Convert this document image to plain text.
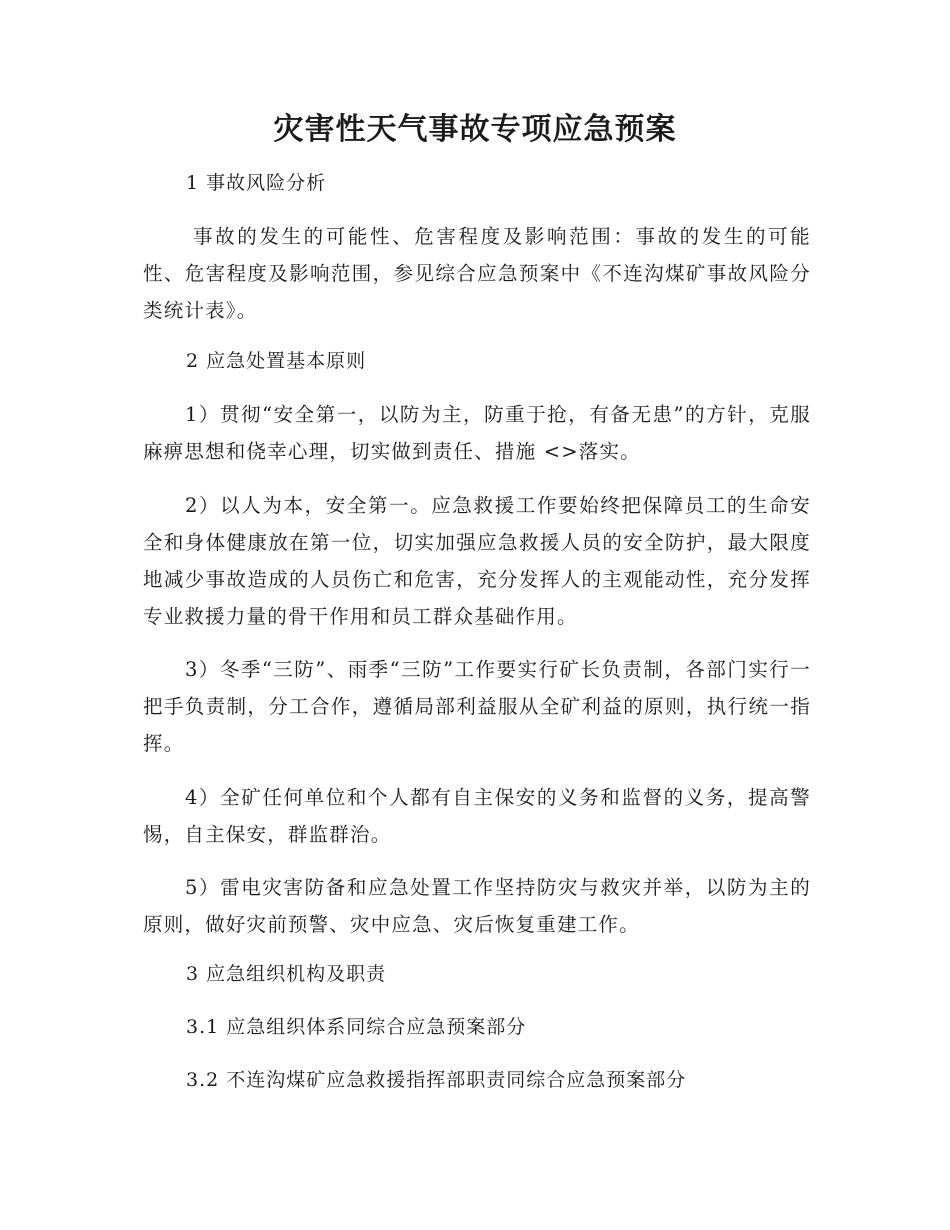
灾害性天气事故专项应急预案
1 事故风险分析
事故的发生的可能性、危害程度及影响范围：事故的发生的可能性、危害程度及影响范围，参见综合应急预案中《不连沟煤矿事故风险分类统计表》。
2 应急处置基本原则
1）贯彻“安全第一，以防为主，防重于抢，有备无患”的方针，克服麻痹思想和侥幸心理，切实做到责任、措施 <>落实。
2）以人为本，安全第一。应急救援工作要始终把保障员工的生命安全和身体健康放在第一位，切实加强应急救援人员的安全防护，最大限度地减少事故造成的人员伤亡和危害，充分发挥人的主观能动性，充分发挥专业救援力量的骨干作用和员工群众基础作用。
3）冬季“三防”、雨季“三防”工作要实行矿长负责制，各部门实行一把手负责制，分工合作，遵循局部利益服从全矿利益的原则，执行统一指挥。
4）全矿任何单位和个人都有自主保安的义务和监督的义务，提高警惕，自主保安，群监群治。
5）雷电灾害防备和应急处置工作坚持防灾与救灾并举，以防为主的原则，做好灾前预警、灾中应急、灾后恢复重建工作。
3 应急组织机构及职责
3.1 应急组织体系同综合应急预案部分
3.2 不连沟煤矿应急救援指挥部职责同综合应急预案部分
